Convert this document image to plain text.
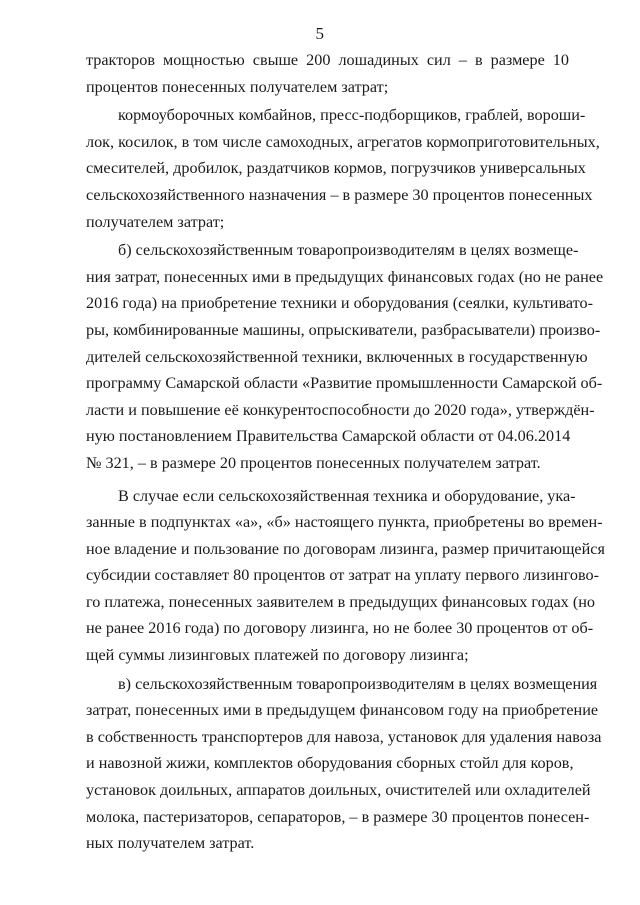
5

тракторов мощностью свыше 200 лошадиных сил – в размере 10
процентов понесенных получателем затрат;

кормоуборочных комбайнов, пресс-подборщиков, граблей, вороши-
лок, косилок, в том числе самоходных, агрегатов кормоприготовительных,
смесителей, дробилок, раздатчиков кормов, погрузчиков универсальных
сельскохозяйственного назначения – в размере 30 процентов понесенных
получателем затрат;

б) сельскохозяйственным товаропроизводителям в целях возмеще-
ния затрат, понесенных ими в предыдущих финансовых годах (но не ранее
2016 года) на приобретение техники и оборудования (сеялки, культивато-
ры, комбинированные машины, опрыскиватели, разбрасыватели) произво-
дителей сельскохозяйственной техники, включенных в государственную
программу Самарской области «Развитие промышленности Самарской об-
ласти и повышение её конкурентоспособности до 2020 года», утверждён-
ную постановлением Правительства Самарской области от 04.06.2014
№ 321, – в размере 20 процентов понесенных получателем затрат.

В случае если сельскохозяйственная техника и оборудование, ука-
занные в подпунктах «а», «б» настоящего пункта, приобретены во времен-
ное владение и пользование по договорам лизинга, размер причитающейся
субсидии составляет 80 процентов от затрат на уплату первого лизингово-
го платежа, понесенных заявителем в предыдущих финансовых годах (но
не ранее 2016 года) по договору лизинга, но не более 30 процентов от об-
щей суммы лизинговых платежей по договору лизинга;

в) сельскохозяйственным товаропроизводителям в целях возмещения
затрат, понесенных ими в предыдущем финансовом году на приобретение
в собственность транспортеров для навоза, установок для удаления навоза
и навозной жижи, комплектов оборудования сборных стойл для коров,
установок доильных, аппаратов доильных, очистителей или охладителей
молока, пастеризаторов, сепараторов, – в размере 30 процентов понесен-
ных получателем затрат.
